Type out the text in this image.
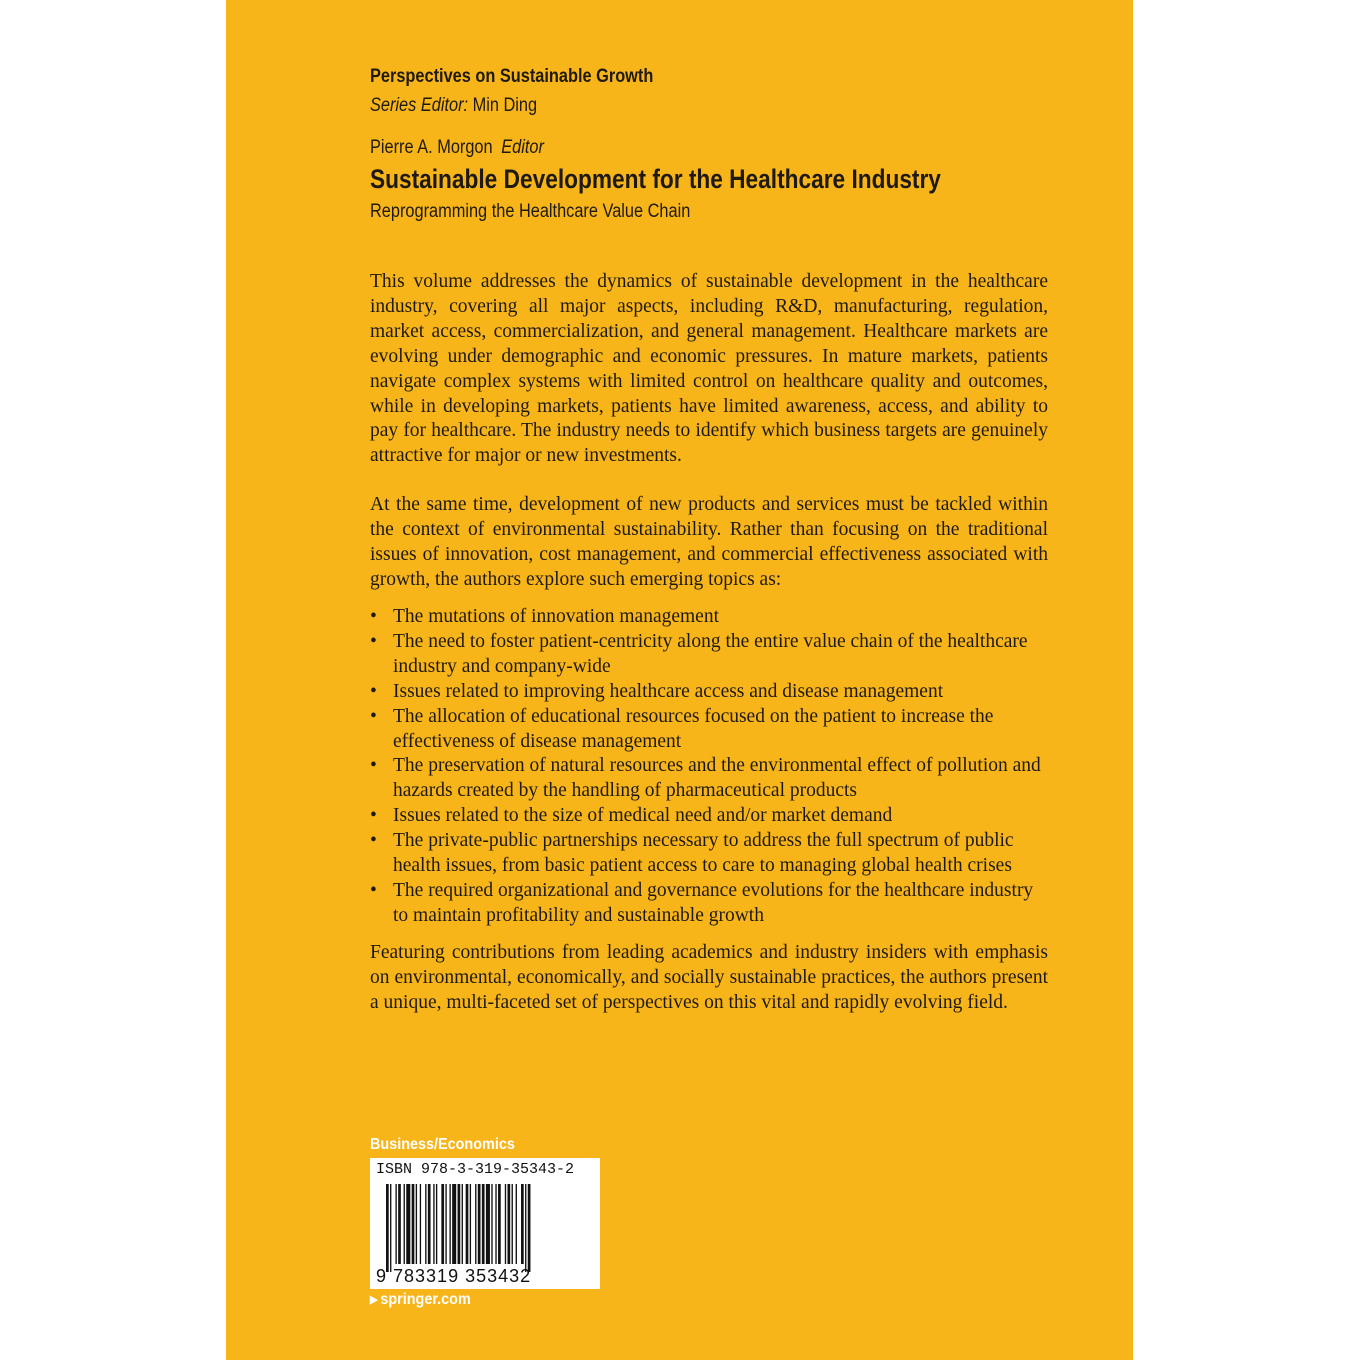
Perspectives on Sustainable Growth
Series Editor: Min Ding
Pierre A. Morgon Editor
Sustainable Development for the Healthcare Industry
Reprogramming the Healthcare Value Chain

This volume addresses the dynamics of sustainable development in the healthcare industry, covering all major aspects, including R&D, manufacturing, regulation, market access, commercialization, and general management. Healthcare markets are evolving under demographic and economic pressures. In mature markets, patients navigate complex systems with limited control on healthcare quality and outcomes, while in developing markets, patients have limited awareness, access, and ability to pay for healthcare. The industry needs to identify which business targets are genuinely attractive for major or new investments.

At the same time, development of new products and services must be tackled within the context of environmental sustainability. Rather than focusing on the traditional issues of innovation, cost management, and commercial effectiveness associated with growth, the authors explore such emerging topics as:

• The mutations of innovation management
• The need to foster patient-centricity along the entire value chain of the healthcare industry and company-wide
• Issues related to improving healthcare access and disease management
• The allocation of educational resources focused on the patient to increase the effectiveness of disease management
• The preservation of natural resources and the environmental effect of pollution and hazards created by the handling of pharmaceutical products
• Issues related to the size of medical need and/or market demand
• The private-public partnerships necessary to address the full spectrum of public health issues, from basic patient access to care to managing global health crises
• The required organizational and governance evolutions for the healthcare industry to maintain profitability and sustainable growth

Featuring contributions from leading academics and industry insiders with emphasis on environmental, economically, and socially sustainable practices, the authors present a unique, multi-faceted set of perspectives on this vital and rapidly evolving field.

Business/Economics
ISBN 978-3-319-35343-2
9 783319 353432
▶ springer.com
